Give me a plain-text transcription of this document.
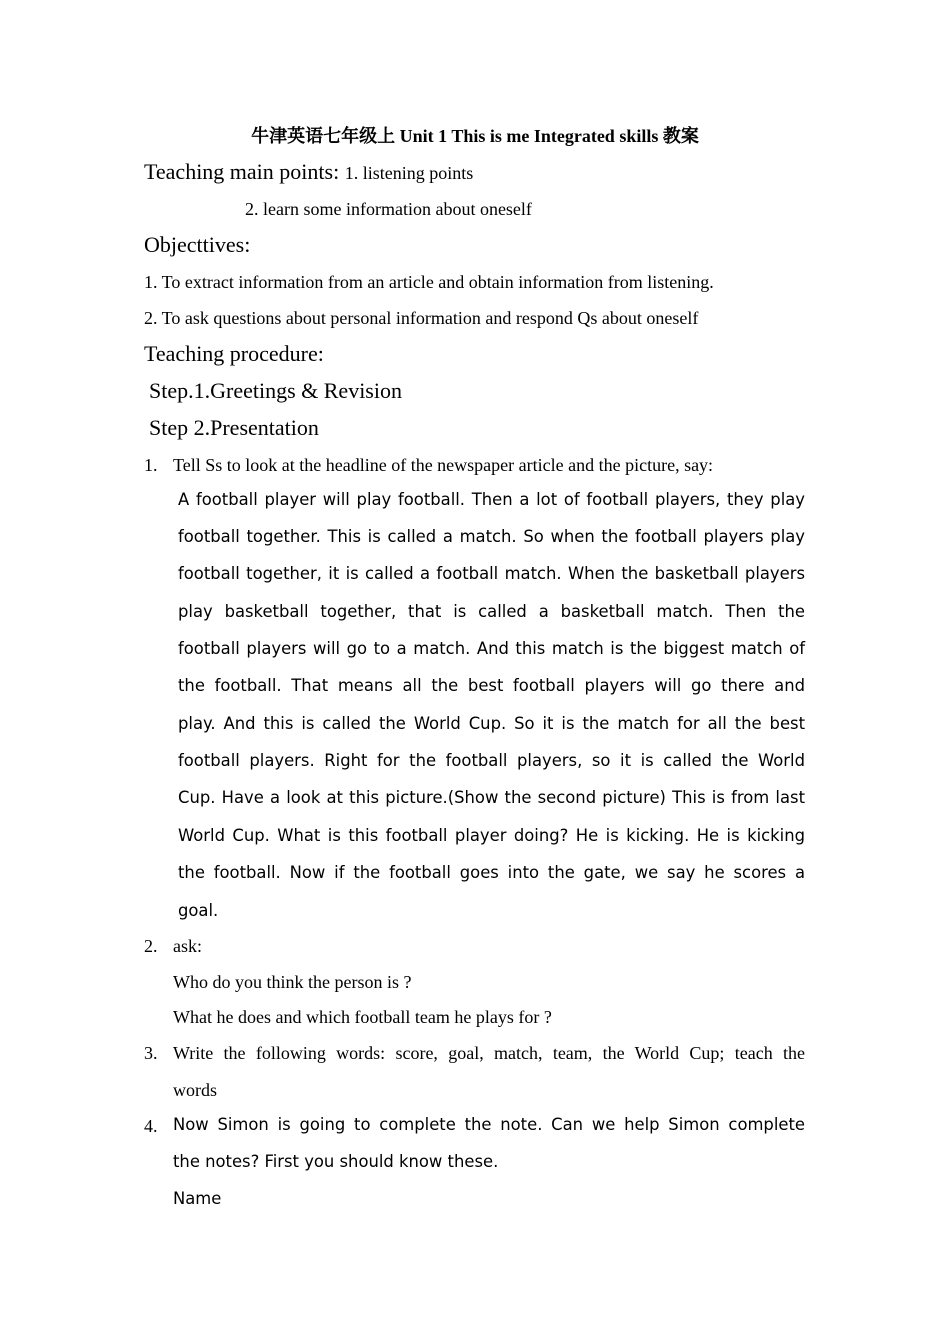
牛津英语七年级上 Unit 1 This is me Integrated skills 教案
Teaching main points: 1. listening points
2. learn some information about oneself
Objecttives:
1. To extract information from an article and obtain information from listening.
2. To ask questions about personal information and respond Qs about oneself
Teaching procedure:
Step.1.Greetings & Revision
Step 2.Presentation
1. Tell Ss to look at the headline of the newspaper article and the picture, say:
A football player will play football. Then a lot of football players, they play
football together. This is called a match. So when the football players play
football together, it is called a football match. When the basketball players
play basketball together, that is called a basketball match. Then the
football players will go to a match. And this match is the biggest match of
the football. That means all the best football players will go there and
play. And this is called the World Cup. So it is the match for all the best
football players. Right for the football players, so it is called the World
Cup. Have a look at this picture.(Show the second picture) This is from last
World Cup. What is this football player doing? He is kicking. He is kicking
the football. Now if the football goes into the gate, we say he scores a
goal.
2. ask:
Who do you think the person is ?
What he does and which football team he plays for ?
3. Write the following words: score, goal, match, team, the World Cup; teach the
words
4. Now Simon is going to complete the note. Can we help Simon complete
the notes? First you should know these.
Name
